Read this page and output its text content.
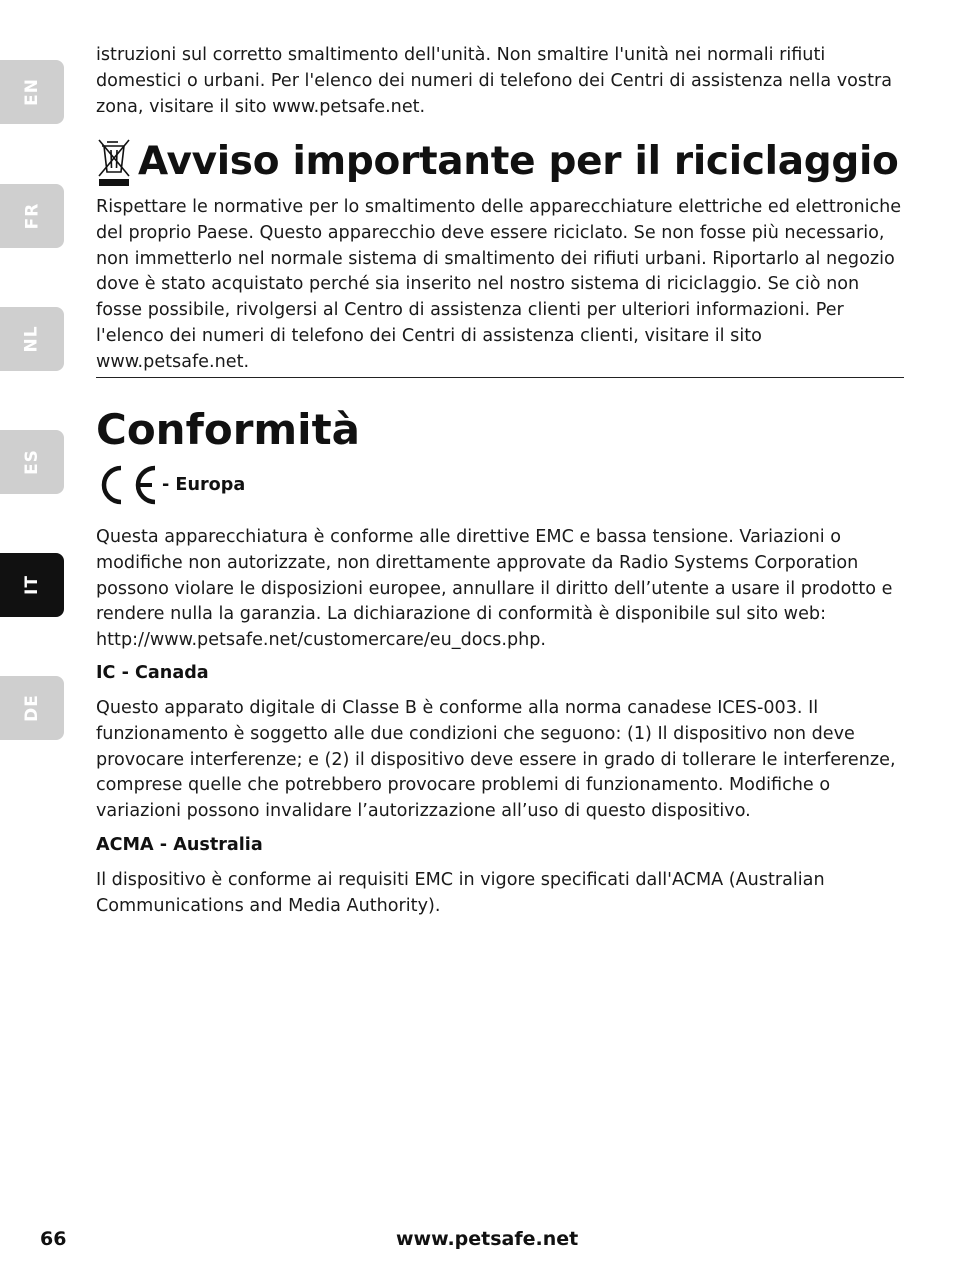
EN
FR
NL
ES
IT
DE

istruzioni sul corretto smaltimento dell'unità. Non smaltire l'unità nei normali rifiuti domestici o urbani. Per l'elenco dei numeri di telefono dei Centri di assistenza nella vostra zona, visitare il sito www.petsafe.net.

Avviso importante per il riciclaggio

Rispettare le normative per lo smaltimento delle apparecchiature elettriche ed elettroniche del proprio Paese. Questo apparecchio deve essere riciclato. Se non fosse più necessario, non immetterlo nel normale sistema di smaltimento dei rifiuti urbani. Riportarlo al negozio dove è stato acquistato perché sia inserito nel nostro sistema di riciclaggio. Se ciò non fosse possibile, rivolgersi al Centro di assistenza clienti per ulteriori informazioni. Per l'elenco dei numeri di telefono dei Centri di assistenza clienti, visitare il sito www.petsafe.net.

Conformità
- Europa

Questa apparecchiatura è conforme alle direttive EMC e bassa tensione. Variazioni o modifiche non autorizzate, non direttamente approvate da Radio Systems Corporation possono violare le disposizioni europee, annullare il diritto dell’utente a usare il prodotto e rendere nulla la garanzia. La dichiarazione di conformità è disponibile sul sito web: http://www.petsafe.net/customercare/eu_docs.php.

IC - Canada

Questo apparato digitale di Classe B è conforme alla norma canadese ICES-003. Il funzionamento è soggetto alle due condizioni che seguono: (1) Il dispositivo non deve provocare interferenze; e (2) il dispositivo deve essere in grado di tollerare le interferenze, comprese quelle che potrebbero provocare problemi di funzionamento. Modifiche o variazioni possono invalidare l’autorizzazione all’uso di questo dispositivo.

ACMA - Australia

Il dispositivo è conforme ai requisiti EMC in vigore specificati dall'ACMA (Australian Communications and Media Authority).

66	www.petsafe.net
